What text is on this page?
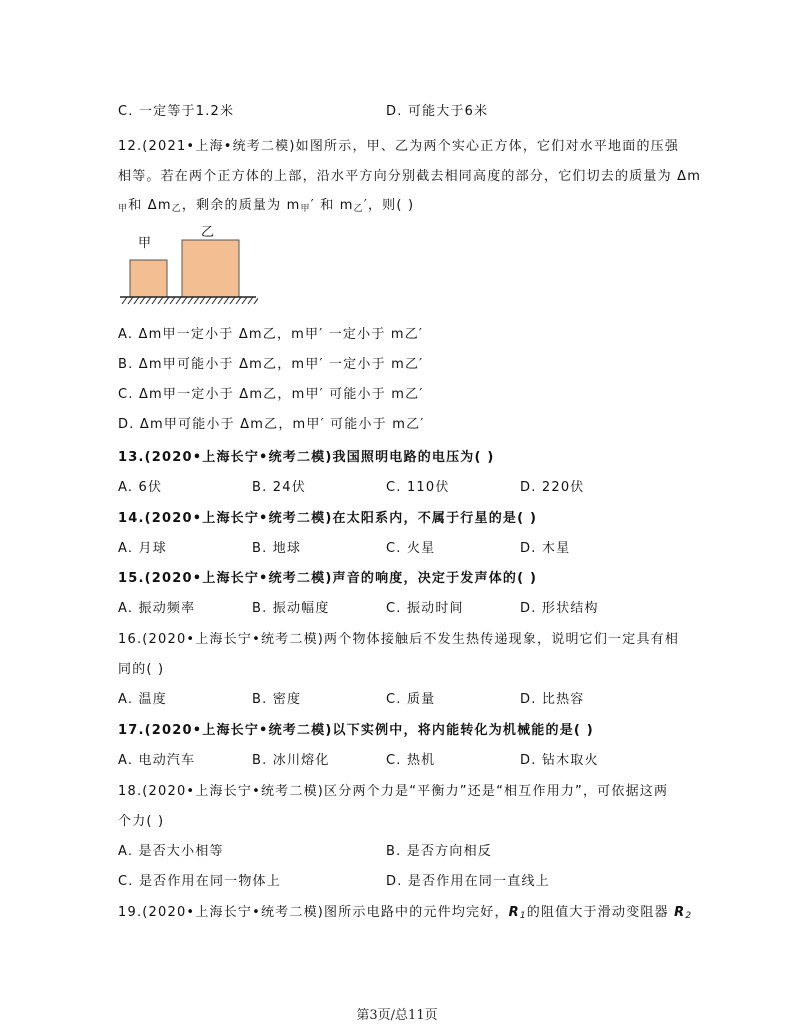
C. 一定等于1.2米	D. 可能大于6米
12.(2021•上海•统考二模)如图所示，甲、乙为两个实心正方体，它们对水平地面的压强
相等。若在两个正方体的上部，沿水平方向分别截去相同高度的部分，它们切去的质量为 Δm
$_甲$和 $\Delta m_乙$，剩余的质量为 $m_甲'$ 和 $m_乙'$，则( )
甲
乙
A. Δm甲一定小于 Δm乙，m甲′ 一定小于 m乙′
B. Δm甲可能小于 Δm乙，m甲′ 一定小于 m乙′
C. Δm甲一定小于 Δm乙，m甲′ 可能小于 m乙′
D. Δm甲可能小于 Δm乙，m甲′ 可能小于 m乙′
13.(2020•上海长宁•统考二模)我国照明电路的电压为( )
A. 6伏	B. 24伏	C. 110伏	D. 220伏
14.(2020•上海长宁•统考二模)在太阳系内，不属于行星的是( )
A. 月球	B. 地球	C. 火星	D. 木星
15.(2020•上海长宁•统考二模)声音的响度，决定于发声体的( )
A. 振动频率	B. 振动幅度	C. 振动时间	D. 形状结构
16.(2020•上海长宁•统考二模)两个物体接触后不发生热传递现象，说明它们一定具有相
同的( )
A. 温度	B. 密度	C. 质量	D. 比热容
17.(2020•上海长宁•统考二模)以下实例中，将内能转化为机械能的是( )
A. 电动汽车	B. 冰川熔化	C. 热机	D. 钻木取火
18.(2020•上海长宁•统考二模)区分两个力是“平衡力”还是“相互作用力”，可依据这两
个力( )
A. 是否大小相等	B. 是否方向相反
C. 是否作用在同一物体上	D. 是否作用在同一直线上
19.(2020•上海长宁•统考二模)图所示电路中的元件均完好，$R_1$的阻值大于滑动变阻器 $R_2$
第3页/总11页
